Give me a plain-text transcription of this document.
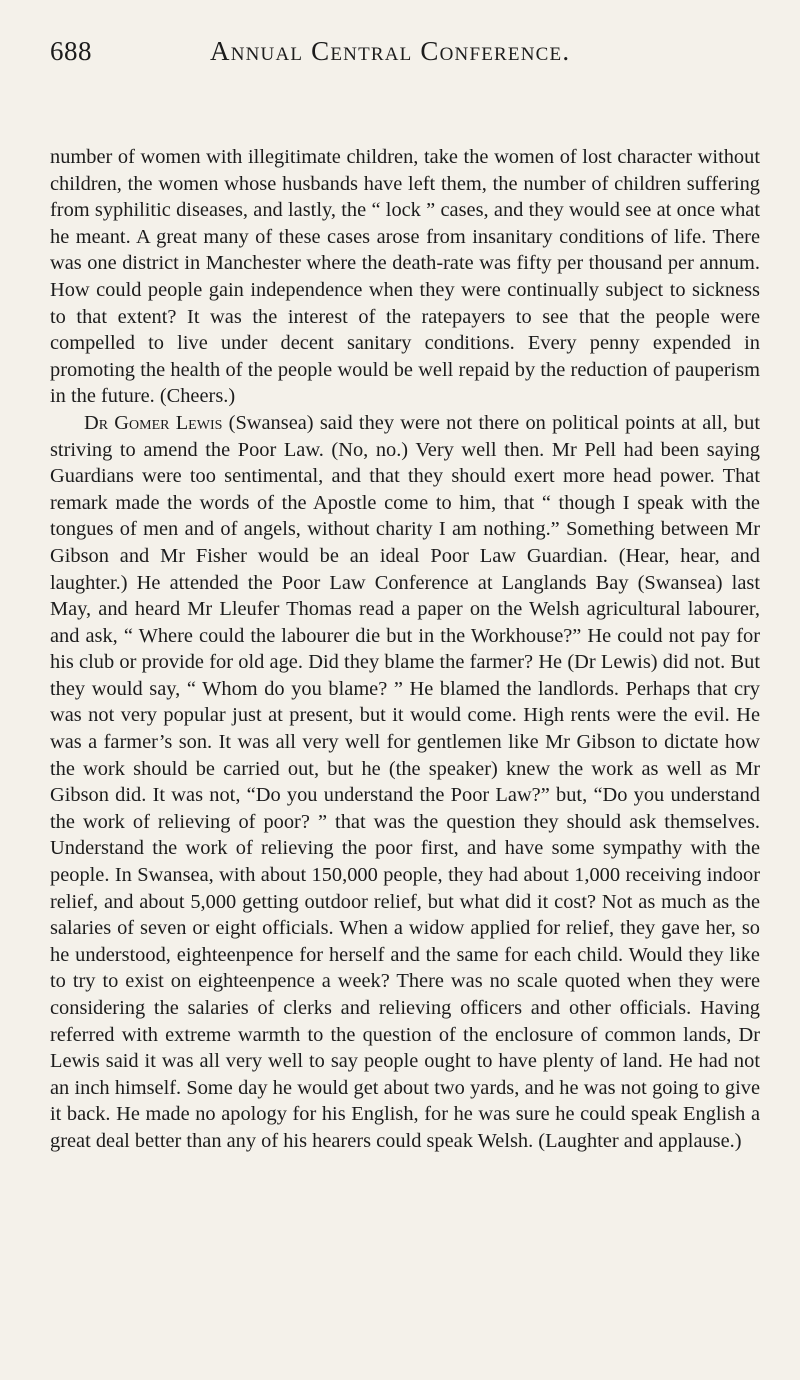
688	Annual Central Conference.

number of women with illegitimate children, take the women of lost character without children, the women whose husbands have left them, the number of children suffering from syphilitic diseases, and lastly, the “ lock ” cases, and they would see at once what he meant. A great many of these cases arose from insanitary conditions of life. There was one district in Manchester where the death-rate was fifty per thousand per annum. How could people gain independence when they were continually subject to sickness to that extent? It was the interest of the ratepayers to see that the people were compelled to live under decent sanitary conditions. Every penny expended in promoting the health of the people would be well repaid by the reduction of pauperism in the future. (Cheers.)

Dr Gomer Lewis (Swansea) said they were not there on political points at all, but striving to amend the Poor Law. (No, no.) Very well then. Mr Pell had been saying Guardians were too sentimental, and that they should exert more head power. That remark made the words of the Apostle come to him, that “ though I speak with the tongues of men and of angels, without charity I am nothing.” Something between Mr Gibson and Mr Fisher would be an ideal Poor Law Guardian. (Hear, hear, and laughter.) He attended the Poor Law Conference at Langlands Bay (Swansea) last May, and heard Mr Lleufer Thomas read a paper on the Welsh agricultural labourer, and ask, “ Where could the labourer die but in the Workhouse?” He could not pay for his club or provide for old age. Did they blame the farmer? He (Dr Lewis) did not. But they would say, “ Whom do you blame? ” He blamed the landlords. Perhaps that cry was not very popular just at present, but it would come. High rents were the evil. He was a farmer’s son. It was all very well for gentlemen like Mr Gibson to dictate how the work should be carried out, but he (the speaker) knew the work as well as Mr Gibson did. It was not, “Do you understand the Poor Law?” but, “Do you understand the work of relieving of poor? ” that was the question they should ask themselves. Understand the work of relieving the poor first, and have some sympathy with the people. In Swansea, with about 150,000 people, they had about 1,000 receiving indoor relief, and about 5,000 getting outdoor relief, but what did it cost? Not as much as the salaries of seven or eight officials. When a widow applied for relief, they gave her, so he understood, eighteenpence for herself and the same for each child. Would they like to try to exist on eighteenpence a week? There was no scale quoted when they were considering the salaries of clerks and relieving officers and other officials. Having referred with extreme warmth to the question of the enclosure of common lands, Dr Lewis said it was all very well to say people ought to have plenty of land. He had not an inch himself. Some day he would get about two yards, and he was not going to give it back. He made no apology for his English, for he was sure he could speak English a great deal better than any of his hearers could speak Welsh. (Laughter and applause.)
